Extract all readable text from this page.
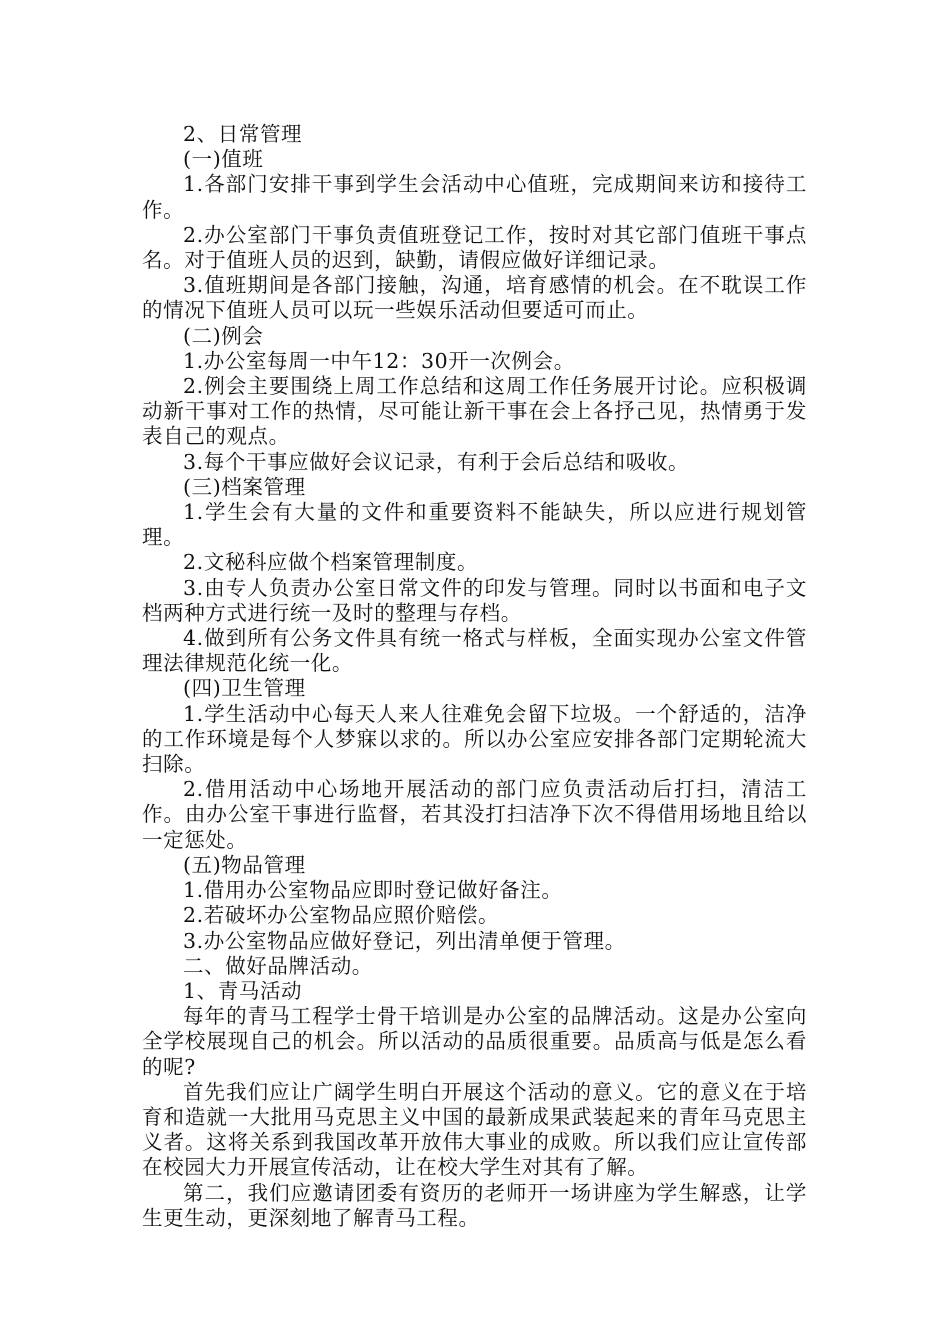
2、日常管理

(一)值班

1.各部门安排干事到学生会活动中心值班，完成期间来访和接待工作。

2.办公室部门干事负责值班登记工作，按时对其它部门值班干事点名。对于值班人员的迟到，缺勤，请假应做好详细记录。

3.值班期间是各部门接触，沟通，培育感情的机会。在不耽误工作的情况下值班人员可以玩一些娱乐活动但要适可而止。

(二)例会

1.办公室每周一中午12：30开一次例会。

2.例会主要围绕上周工作总结和这周工作任务展开讨论。应积极调动新干事对工作的热情，尽可能让新干事在会上各抒己见，热情勇于发表自己的观点。

3.每个干事应做好会议记录，有利于会后总结和吸收。

(三)档案管理

1.学生会有大量的文件和重要资料不能缺失，所以应进行规划管理。

2.文秘科应做个档案管理制度。

3.由专人负责办公室日常文件的印发与管理。同时以书面和电子文档两种方式进行统一及时的整理与存档。

4.做到所有公务文件具有统一格式与样板，全面实现办公室文件管理法律规范化统一化。

(四)卫生管理

1.学生活动中心每天人来人往难免会留下垃圾。一个舒适的，洁净的工作环境是每个人梦寐以求的。所以办公室应安排各部门定期轮流大扫除。

2.借用活动中心场地开展活动的部门应负责活动后打扫，清洁工作。由办公室干事进行监督，若其没打扫洁净下次不得借用场地且给以一定惩处。

(五)物品管理

1.借用办公室物品应即时登记做好备注。

2.若破坏办公室物品应照价赔偿。

3.办公室物品应做好登记，列出清单便于管理。

二、做好品牌活动。

1、青马活动

每年的青马工程学士骨干培训是办公室的品牌活动。这是办公室向全学校展现自己的机会。所以活动的品质很重要。品质高与低是怎么看的呢?

首先我们应让广阔学生明白开展这个活动的意义。它的意义在于培育和造就一大批用马克思主义中国的最新成果武装起来的青年马克思主义者。这将关系到我国改革开放伟大事业的成败。所以我们应让宣传部在校园大力开展宣传活动，让在校大学生对其有了解。

第二，我们应邀请团委有资历的老师开一场讲座为学生解惑，让学生更生动，更深刻地了解青马工程。
